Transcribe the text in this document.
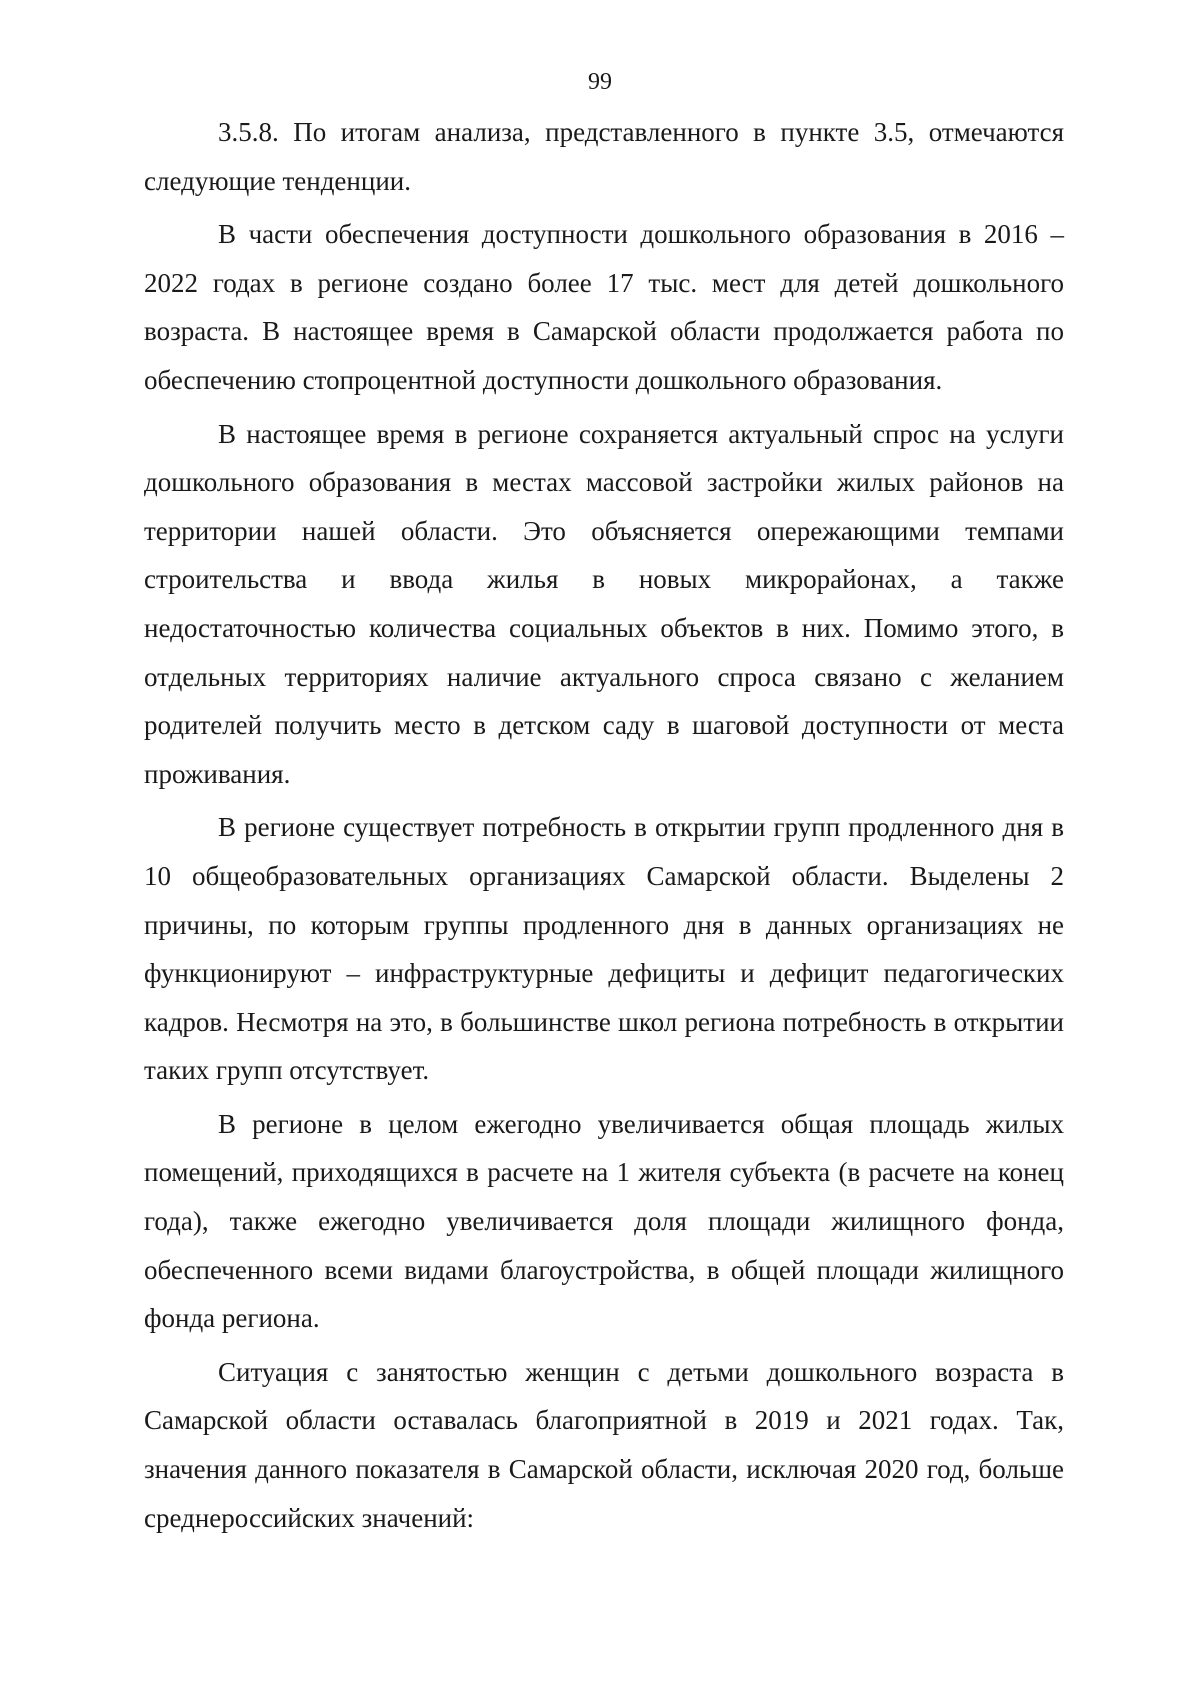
99

3.5.8. По итогам анализа, представленного в пункте 3.5, отмечаются следующие тенденции.

В части обеспечения доступности дошкольного образования в 2016 – 2022 годах в регионе создано более 17 тыс. мест для детей дошкольного возраста. В настоящее время в Самарской области продолжается работа по обеспечению стопроцентной доступности дошкольного образования.

В настоящее время в регионе сохраняется актуальный спрос на услуги дошкольного образования в местах массовой застройки жилых районов на территории нашей области. Это объясняется опережающими темпами строительства и ввода жилья в новых микрорайонах, а также недостаточностью количества социальных объектов в них. Помимо этого, в отдельных территориях наличие актуального спроса связано с желанием родителей получить место в детском саду в шаговой доступности от места проживания.

В регионе существует потребность в открытии групп продленного дня в 10 общеобразовательных организациях Самарской области. Выделены 2 причины, по которым группы продленного дня в данных организациях не функционируют – инфраструктурные дефициты и дефицит педагогических кадров. Несмотря на это, в большинстве школ региона потребность в открытии таких групп отсутствует.

В регионе в целом ежегодно увеличивается общая площадь жилых помещений, приходящихся в расчете на 1 жителя субъекта (в расчете на конец года), также ежегодно увеличивается доля площади жилищного фонда, обеспеченного всеми видами благоустройства, в общей площади жилищного фонда региона.

Ситуация с занятостью женщин с детьми дошкольного возраста в Самарской области оставалась благоприятной в 2019 и 2021 годах. Так, значения данного показателя в Самарской области, исключая 2020 год, больше среднероссийских значений:
